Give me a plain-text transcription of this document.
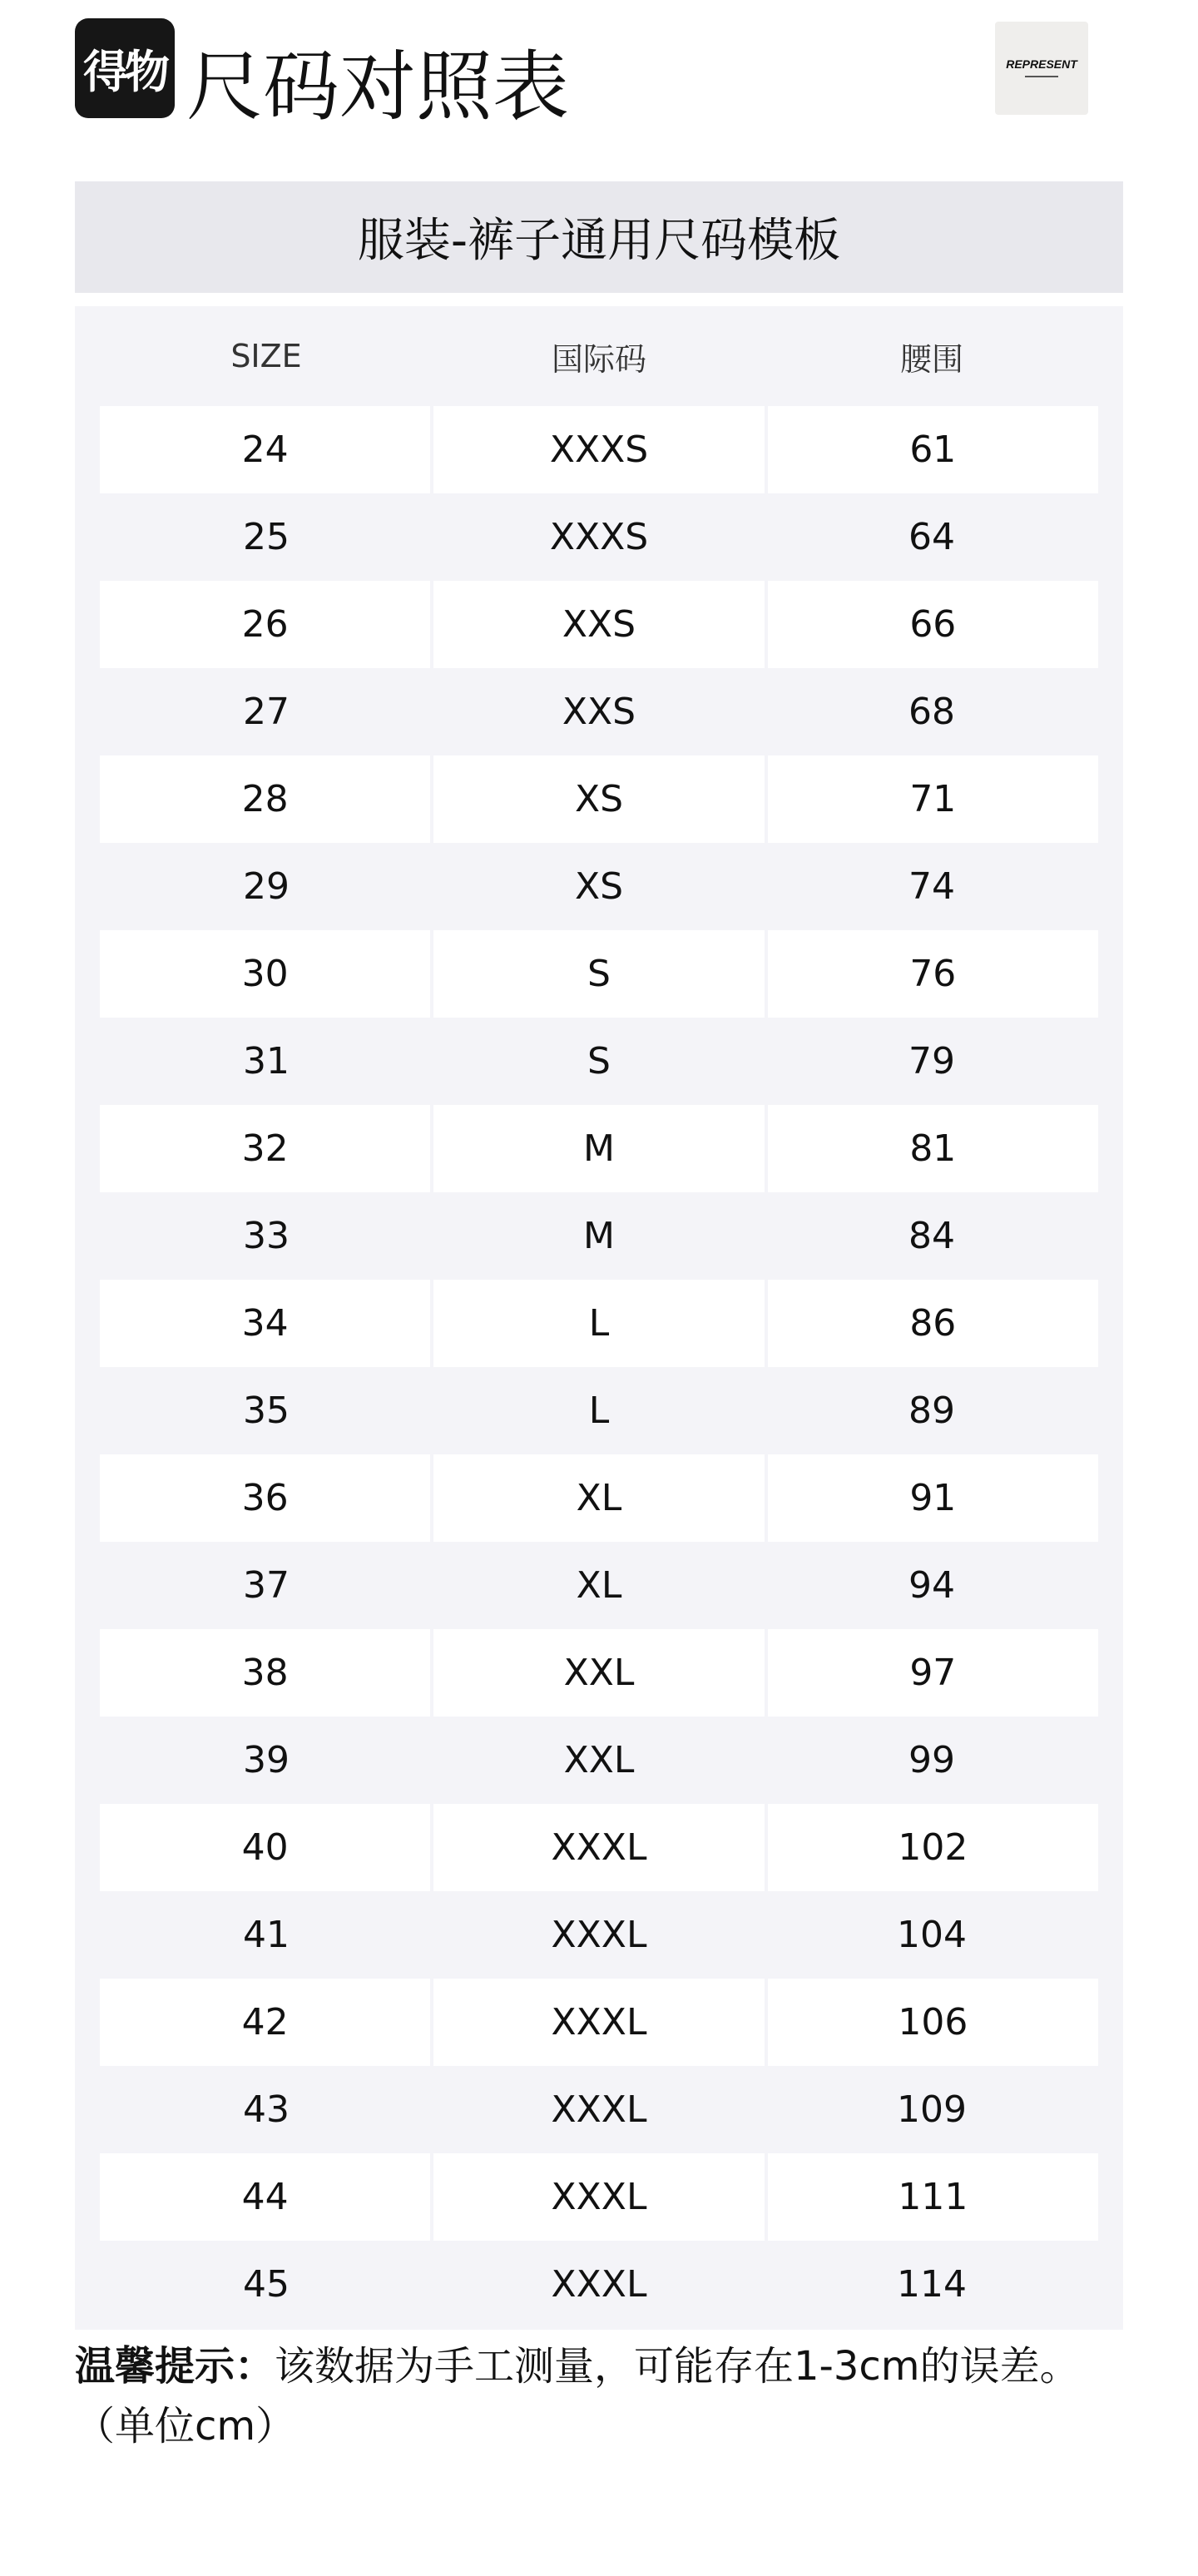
得物 尺码对照表	REPRESENT
服装-裤子通用尺码模板
SIZE	国际码	腰围
24	XXXS	61
25	XXXS	64
26	XXS	66
27	XXS	68
28	XS	71
29	XS	74
30	S	76
31	S	79
32	M	81
33	M	84
34	L	86
35	L	89
36	XL	91
37	XL	94
38	XXL	97
39	XXL	99
40	XXXL	102
41	XXXL	104
42	XXXL	106
43	XXXL	109
44	XXXL	111
45	XXXL	114
温馨提示：该数据为手工测量，可能存在1-3cm的误差。
（单位cm）
